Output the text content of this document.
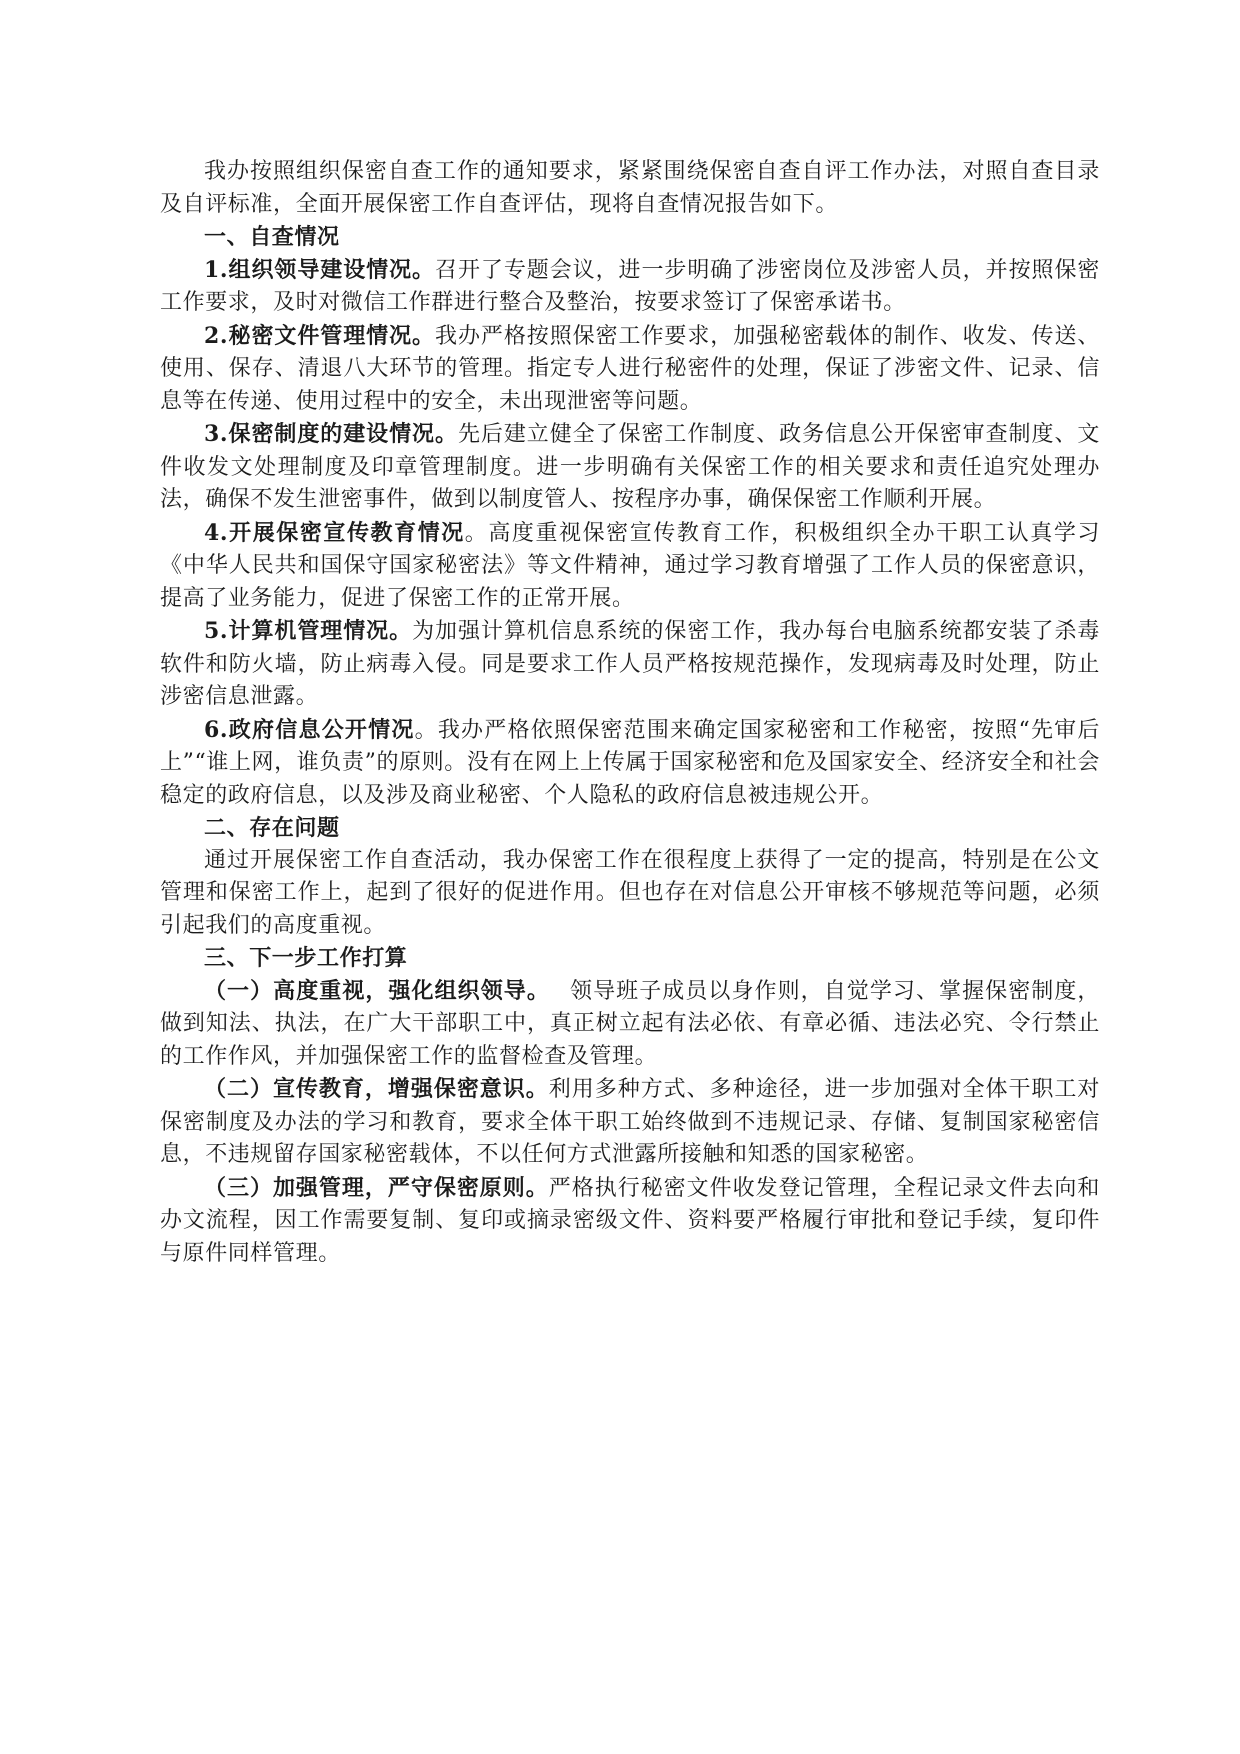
我办按照组织保密自查工作的通知要求，紧紧围绕保密自查自评工作办法，对照自查目录及自评标准，全面开展保密工作自查评估，现将自查情况报告如下。

一、自查情况

1.组织领导建设情况。召开了专题会议，进一步明确了涉密岗位及涉密人员，并按照保密工作要求，及时对微信工作群进行整合及整治，按要求签订了保密承诺书。

2.秘密文件管理情况。我办严格按照保密工作要求，加强秘密载体的制作、收发、传送、使用、保存、清退八大环节的管理。指定专人进行秘密件的处理，保证了涉密文件、记录、信息等在传递、使用过程中的安全，未出现泄密等问题。

3.保密制度的建设情况。先后建立健全了保密工作制度、政务信息公开保密审查制度、文件收发文处理制度及印章管理制度。进一步明确有关保密工作的相关要求和责任追究处理办法，确保不发生泄密事件，做到以制度管人、按程序办事，确保保密工作顺利开展。

4.开展保密宣传教育情况。高度重视保密宣传教育工作，积极组织全办干职工认真学习《中华人民共和国保守国家秘密法》等文件精神，通过学习教育增强了工作人员的保密意识，提高了业务能力，促进了保密工作的正常开展。

5.计算机管理情况。为加强计算机信息系统的保密工作，我办每台电脑系统都安装了杀毒软件和防火墙，防止病毒入侵。同是要求工作人员严格按规范操作，发现病毒及时处理，防止涉密信息泄露。

6.政府信息公开情况。我办严格依照保密范围来确定国家秘密和工作秘密，按照“先审后上”“谁上网，谁负责”的原则。没有在网上上传属于国家秘密和危及国家安全、经济安全和社会稳定的政府信息，以及涉及商业秘密、个人隐私的政府信息被违规公开。

二、存在问题

通过开展保密工作自查活动，我办保密工作在很程度上获得了一定的提高，特别是在公文管理和保密工作上，起到了很好的促进作用。但也存在对信息公开审核不够规范等问题，必须引起我们的高度重视。

三、下一步工作打算

（一）高度重视，强化组织领导。　 领导班子成员以身作则，自觉学习、掌握保密制度，做到知法、执法，在广大干部职工中，真正树立起有法必依、有章必循、违法必究、令行禁止的工作作风，并加强保密工作的监督检查及管理。

（二）宣传教育，增强保密意识。利用多种方式、多种途径，进一步加强对全体干职工对保密制度及办法的学习和教育，要求全体干职工始终做到不违规记录、存储、复制国家秘密信息，不违规留存国家秘密载体，不以任何方式泄露所接触和知悉的国家秘密。

（三）加强管理，严守保密原则。严格执行秘密文件收发登记管理，全程记录文件去向和办文流程，因工作需要复制、复印或摘录密级文件、资料要严格履行审批和登记手续，复印件与原件同样管理。
